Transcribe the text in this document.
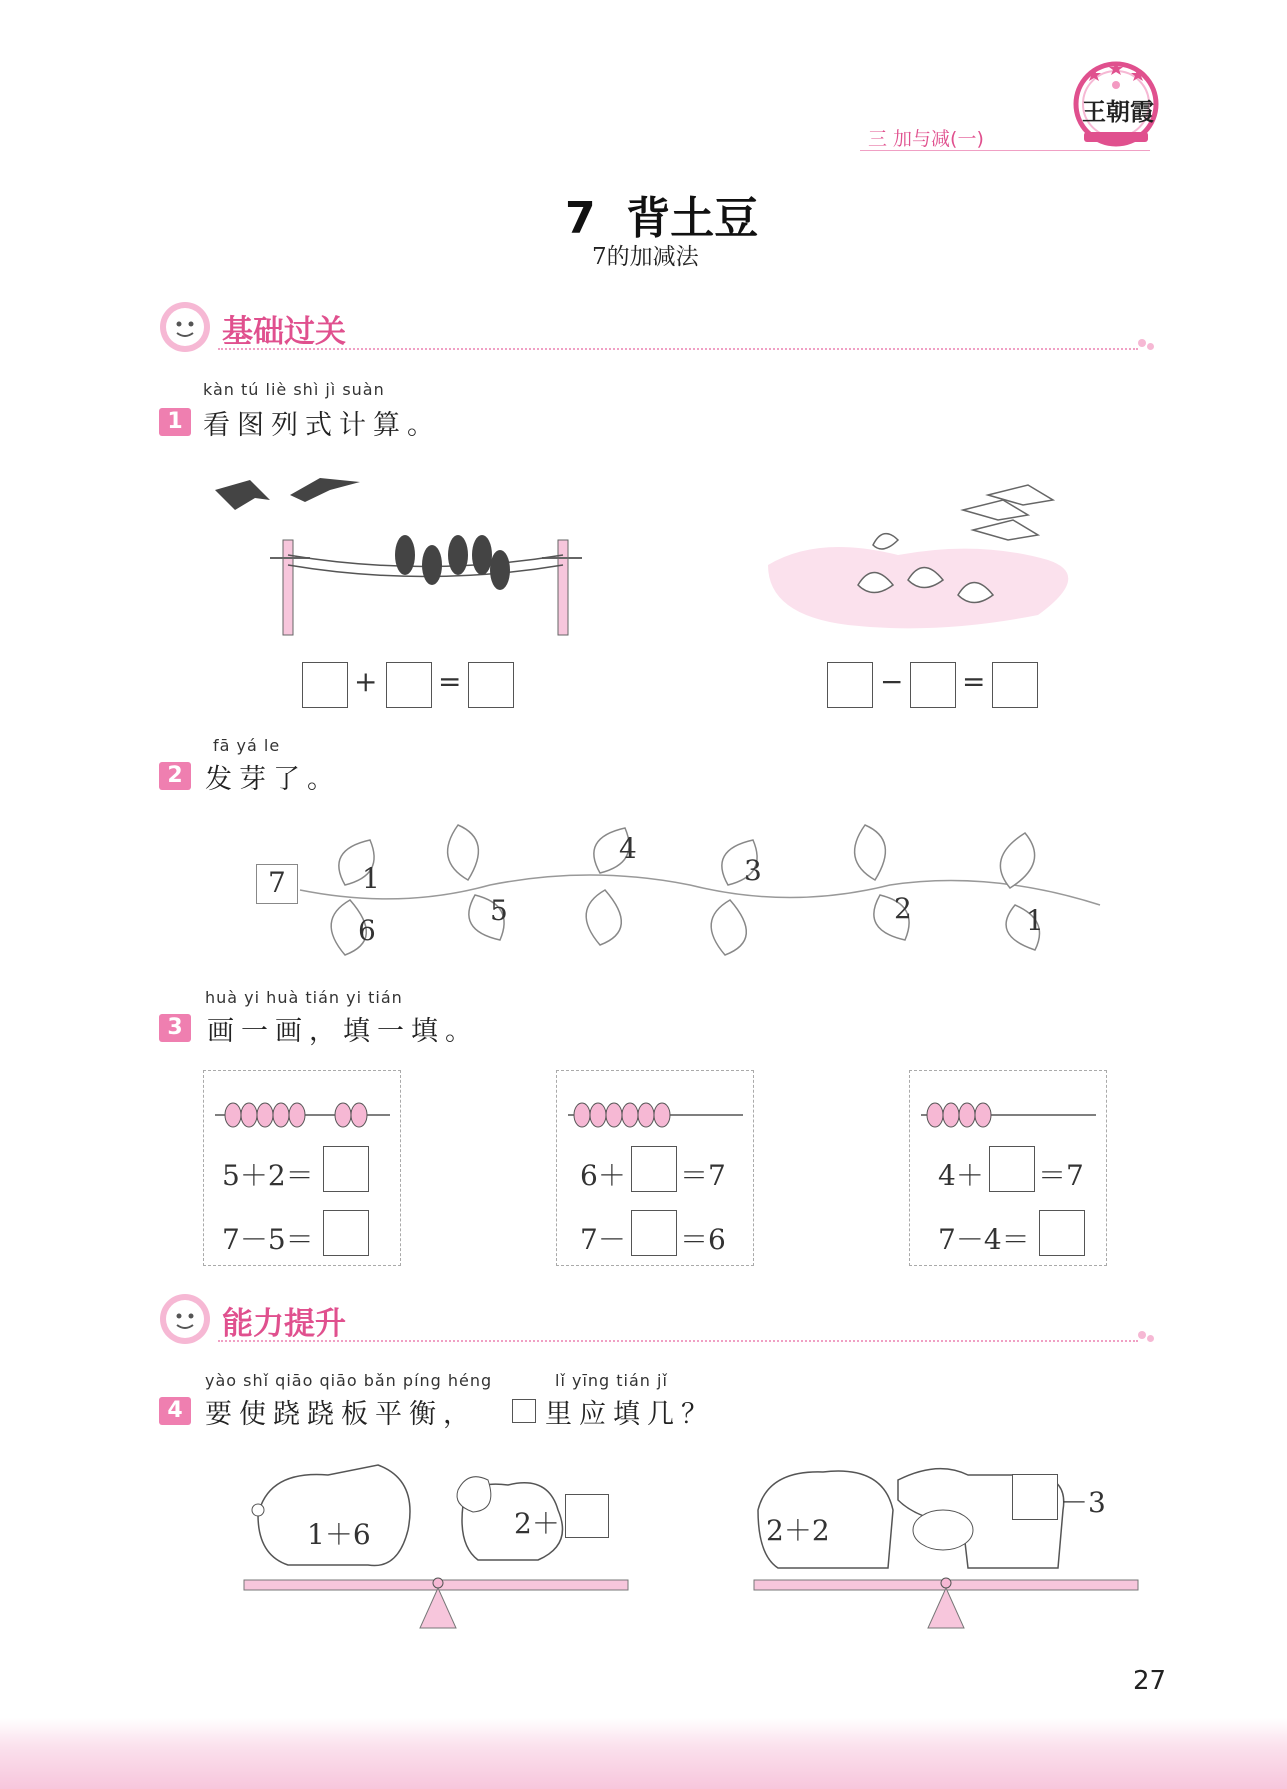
三 加与减(一)
王朝霞
7  背土豆
7的加减法
基础过关
kàn tú liè shì jì suàn
1 看图列式计算。
+ =	− =
fā yá le
2 发芽了。
7	1
6
5
4
3
2	1
huà yi huà tián yi tián
3 画一画，填一填。
5＋2＝
7－5＝
6＋ ＝7
7－ ＝6
4＋ ＝7
7－4＝
能力提升
yào shǐ qiāo qiāo bǎn píng héng	lǐ yīng tián jǐ
4 要使跷跷板平衡，	里应填几？
1＋6	2＋	2＋2
－3
27
